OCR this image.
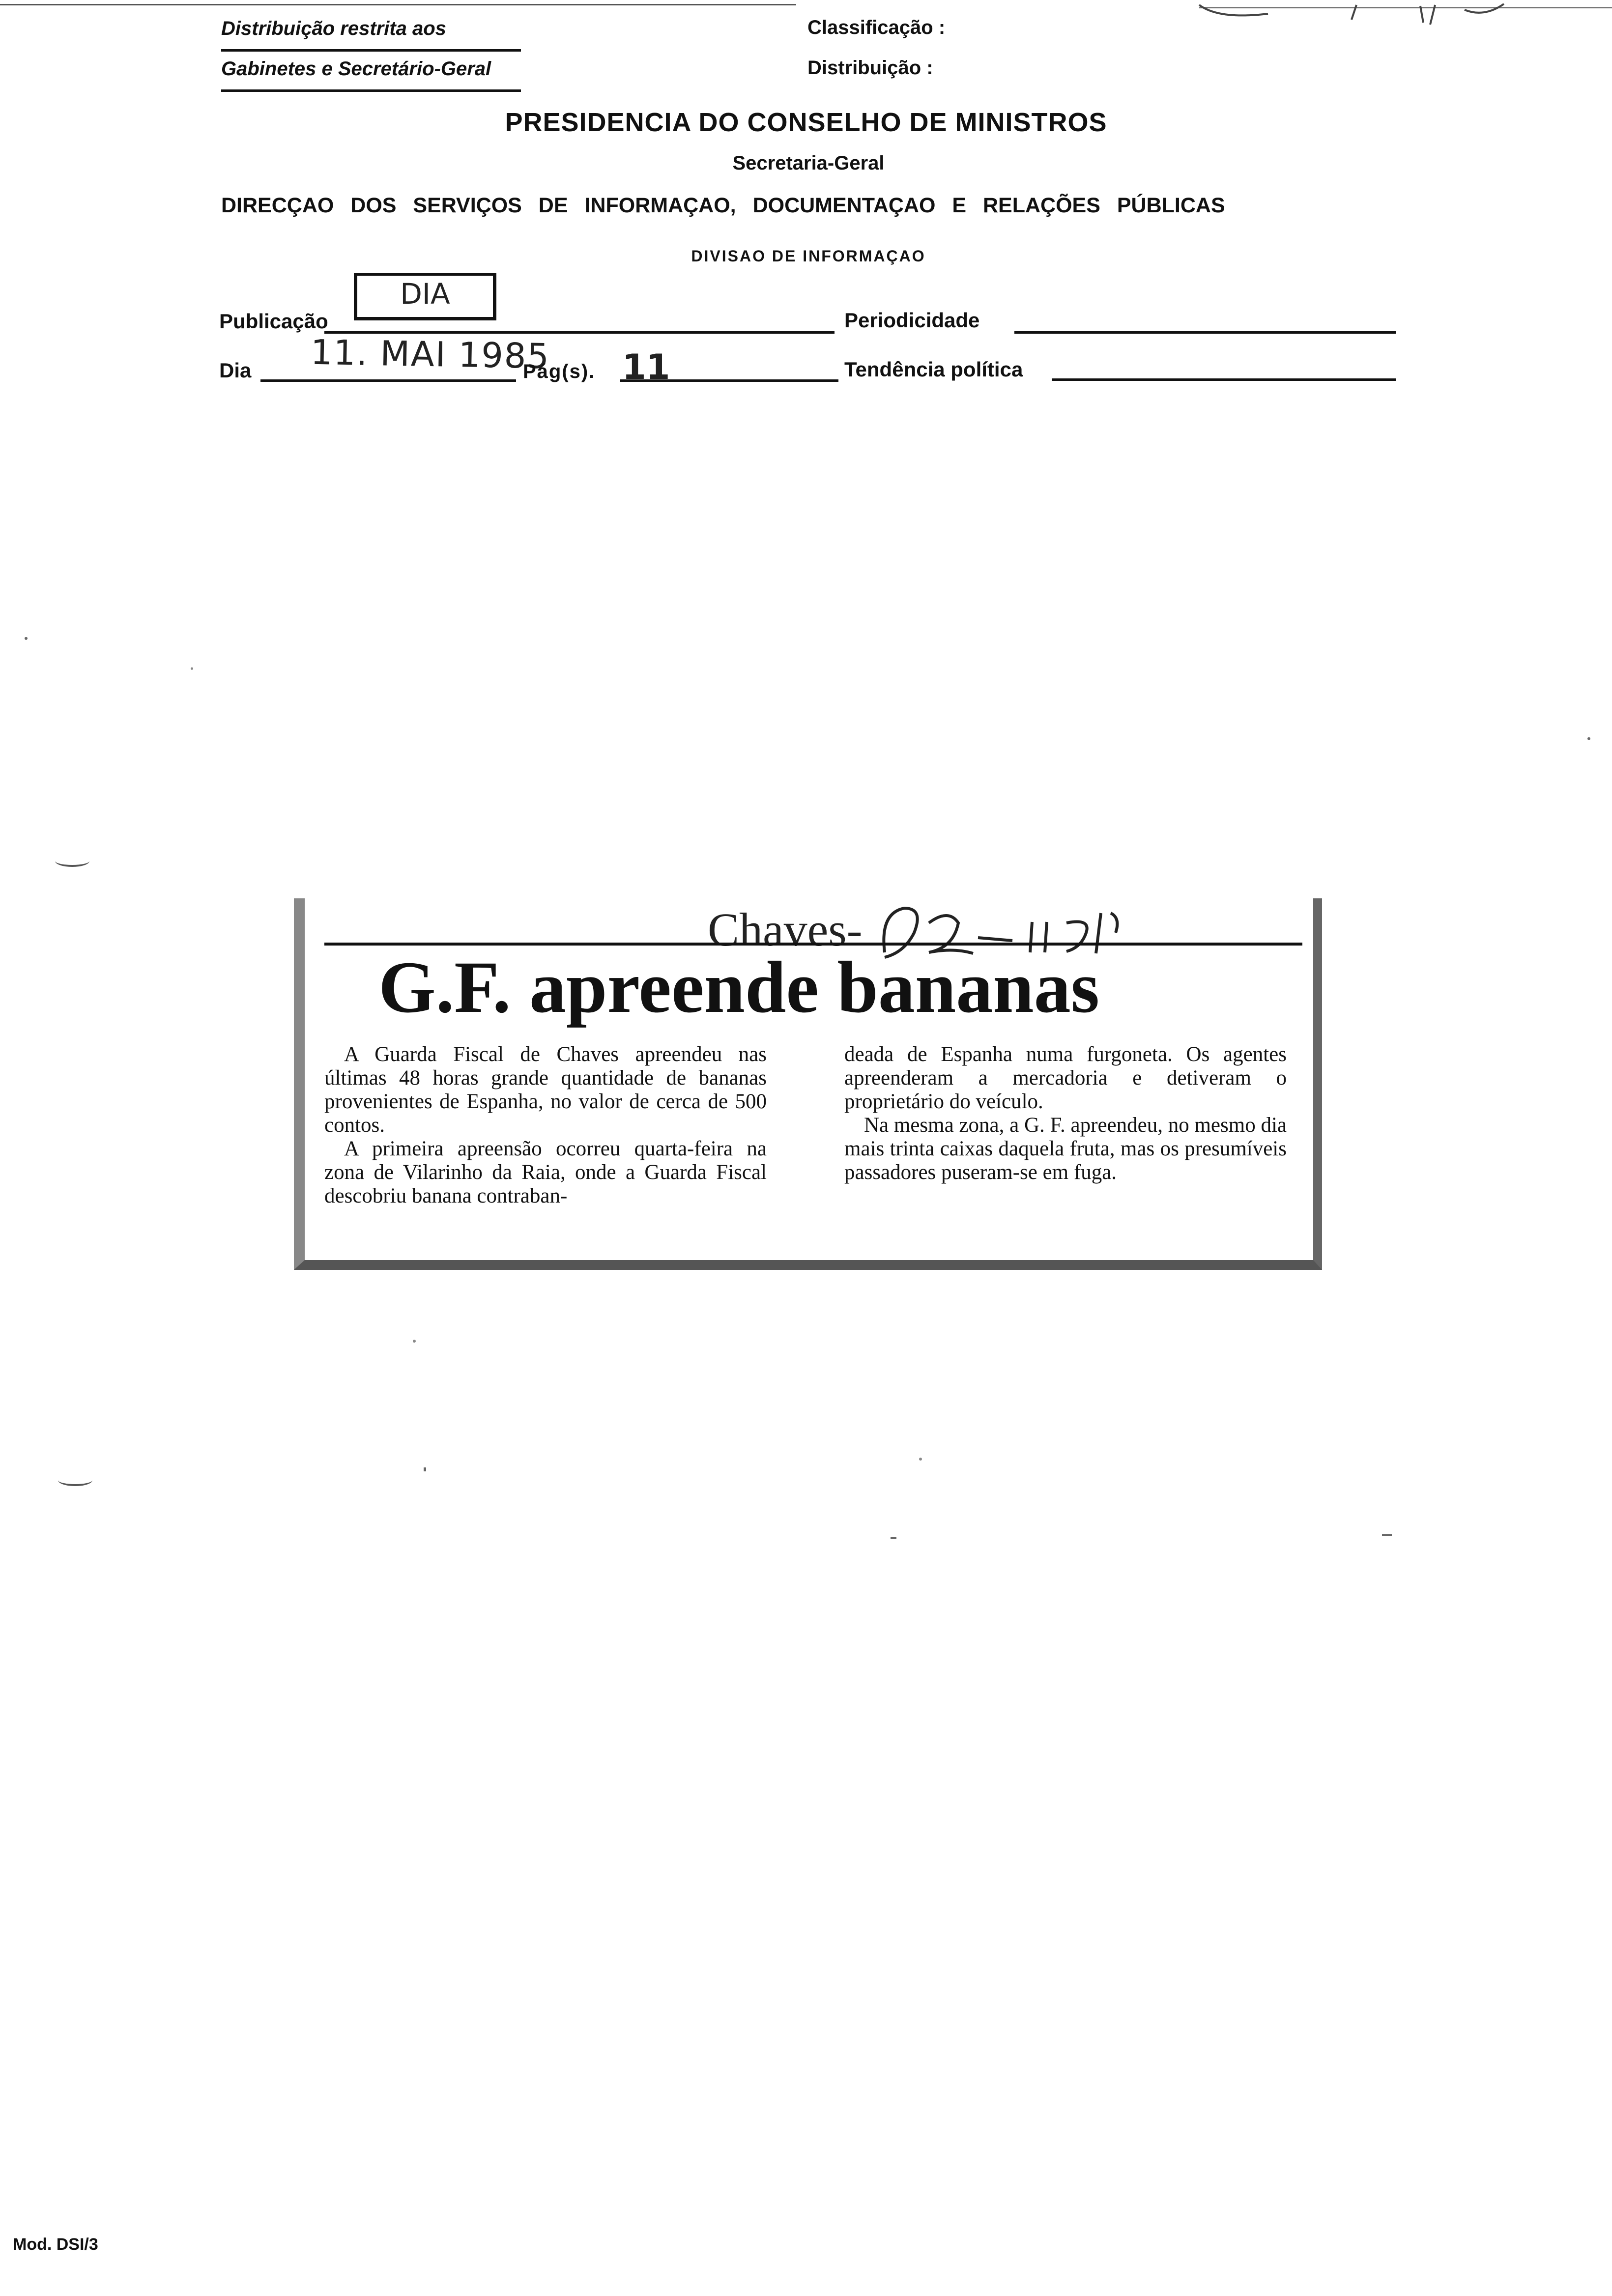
Distribuição restrita aos
Gabinetes e Secretário-Geral
Classificação :
Distribuição :
PRESIDENCIA DO CONSELHO DE MINISTROS
Secretaria-Geral
DIRECÇAO DOS SERVIÇOS DE INFORMAÇAO, DOCUMENTAÇAO E RELAÇÕES PÚBLICAS
DIVISAO DE INFORMAÇAO
DIA
Publicação	Periodicidade
Dia 11. MAI 1985
Pág(s). 11	Tendência política
Chaves-
G.F. apreende bananas

A Guarda Fiscal de Chaves apreendeu nas últimas 48 horas grande quantidade de bananas provenientes de Espanha, no valor de cerca de 500 contos.

A primeira apreensão ocorreu quarta-feira na zona de Vilarinho da Raia, onde a Guarda Fiscal descobriu banana contraban-

deada de Espanha numa furgoneta. Os agentes apreenderam a mercadoria e detiveram o proprietário do veículo.

Na mesma zona, a G. F. apreendeu, no mesmo dia mais trinta caixas daquela fruta, mas os presumíveis passadores puseram-se em fuga.

Mod. DSI/3
